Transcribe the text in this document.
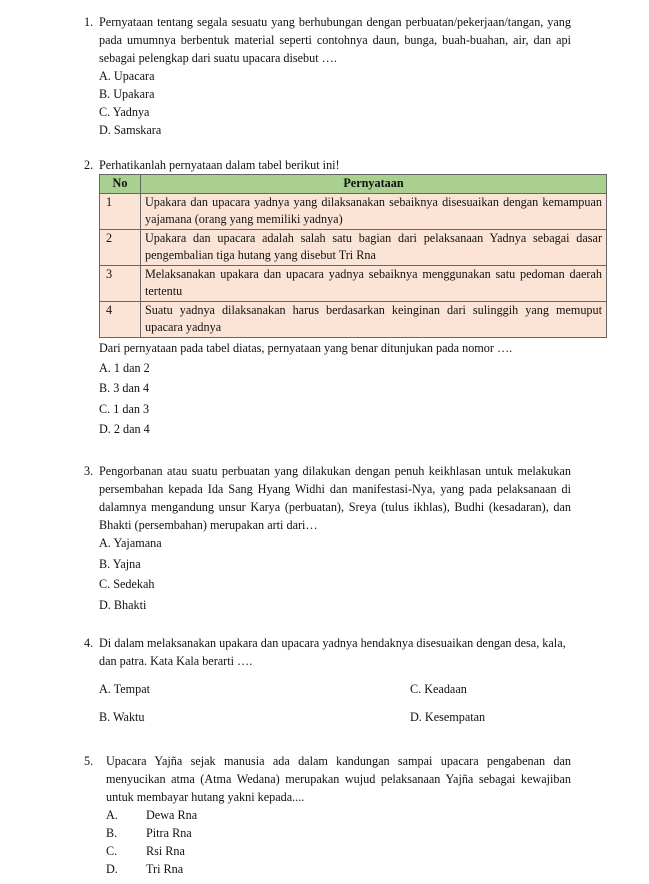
1. Pernyataan tentang segala sesuatu yang berhubungan dengan perbuatan/pekerjaan/tangan, yang pada umumnya berbentuk material seperti contohnya daun, bunga, buah-buahan, air, dan api sebagai pelengkap dari suatu upacara disebut ….
A. Upacara
B. Upakara
C. Yadnya
D. Samskara
2. Perhatikanlah pernyataan dalam tabel berikut ini!
No	Pernyataan
1	Upakara dan upacara yadnya yang dilaksanakan sebaiknya disesuaikan dengan kemampuan yajamana (orang yang memiliki yadnya)
2	Upakara dan upacara adalah salah satu bagian dari pelaksanaan Yadnya sebagai dasar pengembalian tiga hutang yang disebut Tri Rna
3	Melaksanakan upakara dan upacara yadnya sebaiknya menggunakan satu pedoman daerah tertentu
4	Suatu yadnya dilaksanakan harus berdasarkan keinginan dari sulinggih yang memuput upacara yadnya
Dari pernyataan pada tabel diatas, pernyataan yang benar ditunjukan pada nomor ….
A. 1 dan 2
B. 3 dan 4
C. 1 dan 3
D. 2 dan 4
3. Pengorbanan atau suatu perbuatan yang dilakukan dengan penuh keikhlasan untuk melakukan persembahan kepada Ida Sang Hyang Widhi dan manifestasi-Nya, yang pada pelaksanaan di dalamnya mengandung unsur Karya (perbuatan), Sreya (tulus ikhlas), Budhi (kesadaran), dan Bhakti (persembahan) merupakan arti dari…
A. Yajamana
B. Yajna
C. Sedekah
D. Bhakti
4. Di dalam melaksanakan upakara dan upacara yadnya hendaknya disesuaikan dengan desa, kala, dan patra. Kata Kala berarti ….
A. Tempat	C. Keadaan
B. Waktu	D. Kesempatan
5.	Upacara Yajña sejak manusia ada dalam kandungan sampai upacara pengabenan dan menyucikan atma (Atma Wedana) merupakan wujud pelaksanaan Yajña sebagai kewajiban untuk membayar hutang yakni kepada....
A.	Dewa Rna
B.	Pitra Rna
C.	Rsi Rna
D.	Tri Rna
